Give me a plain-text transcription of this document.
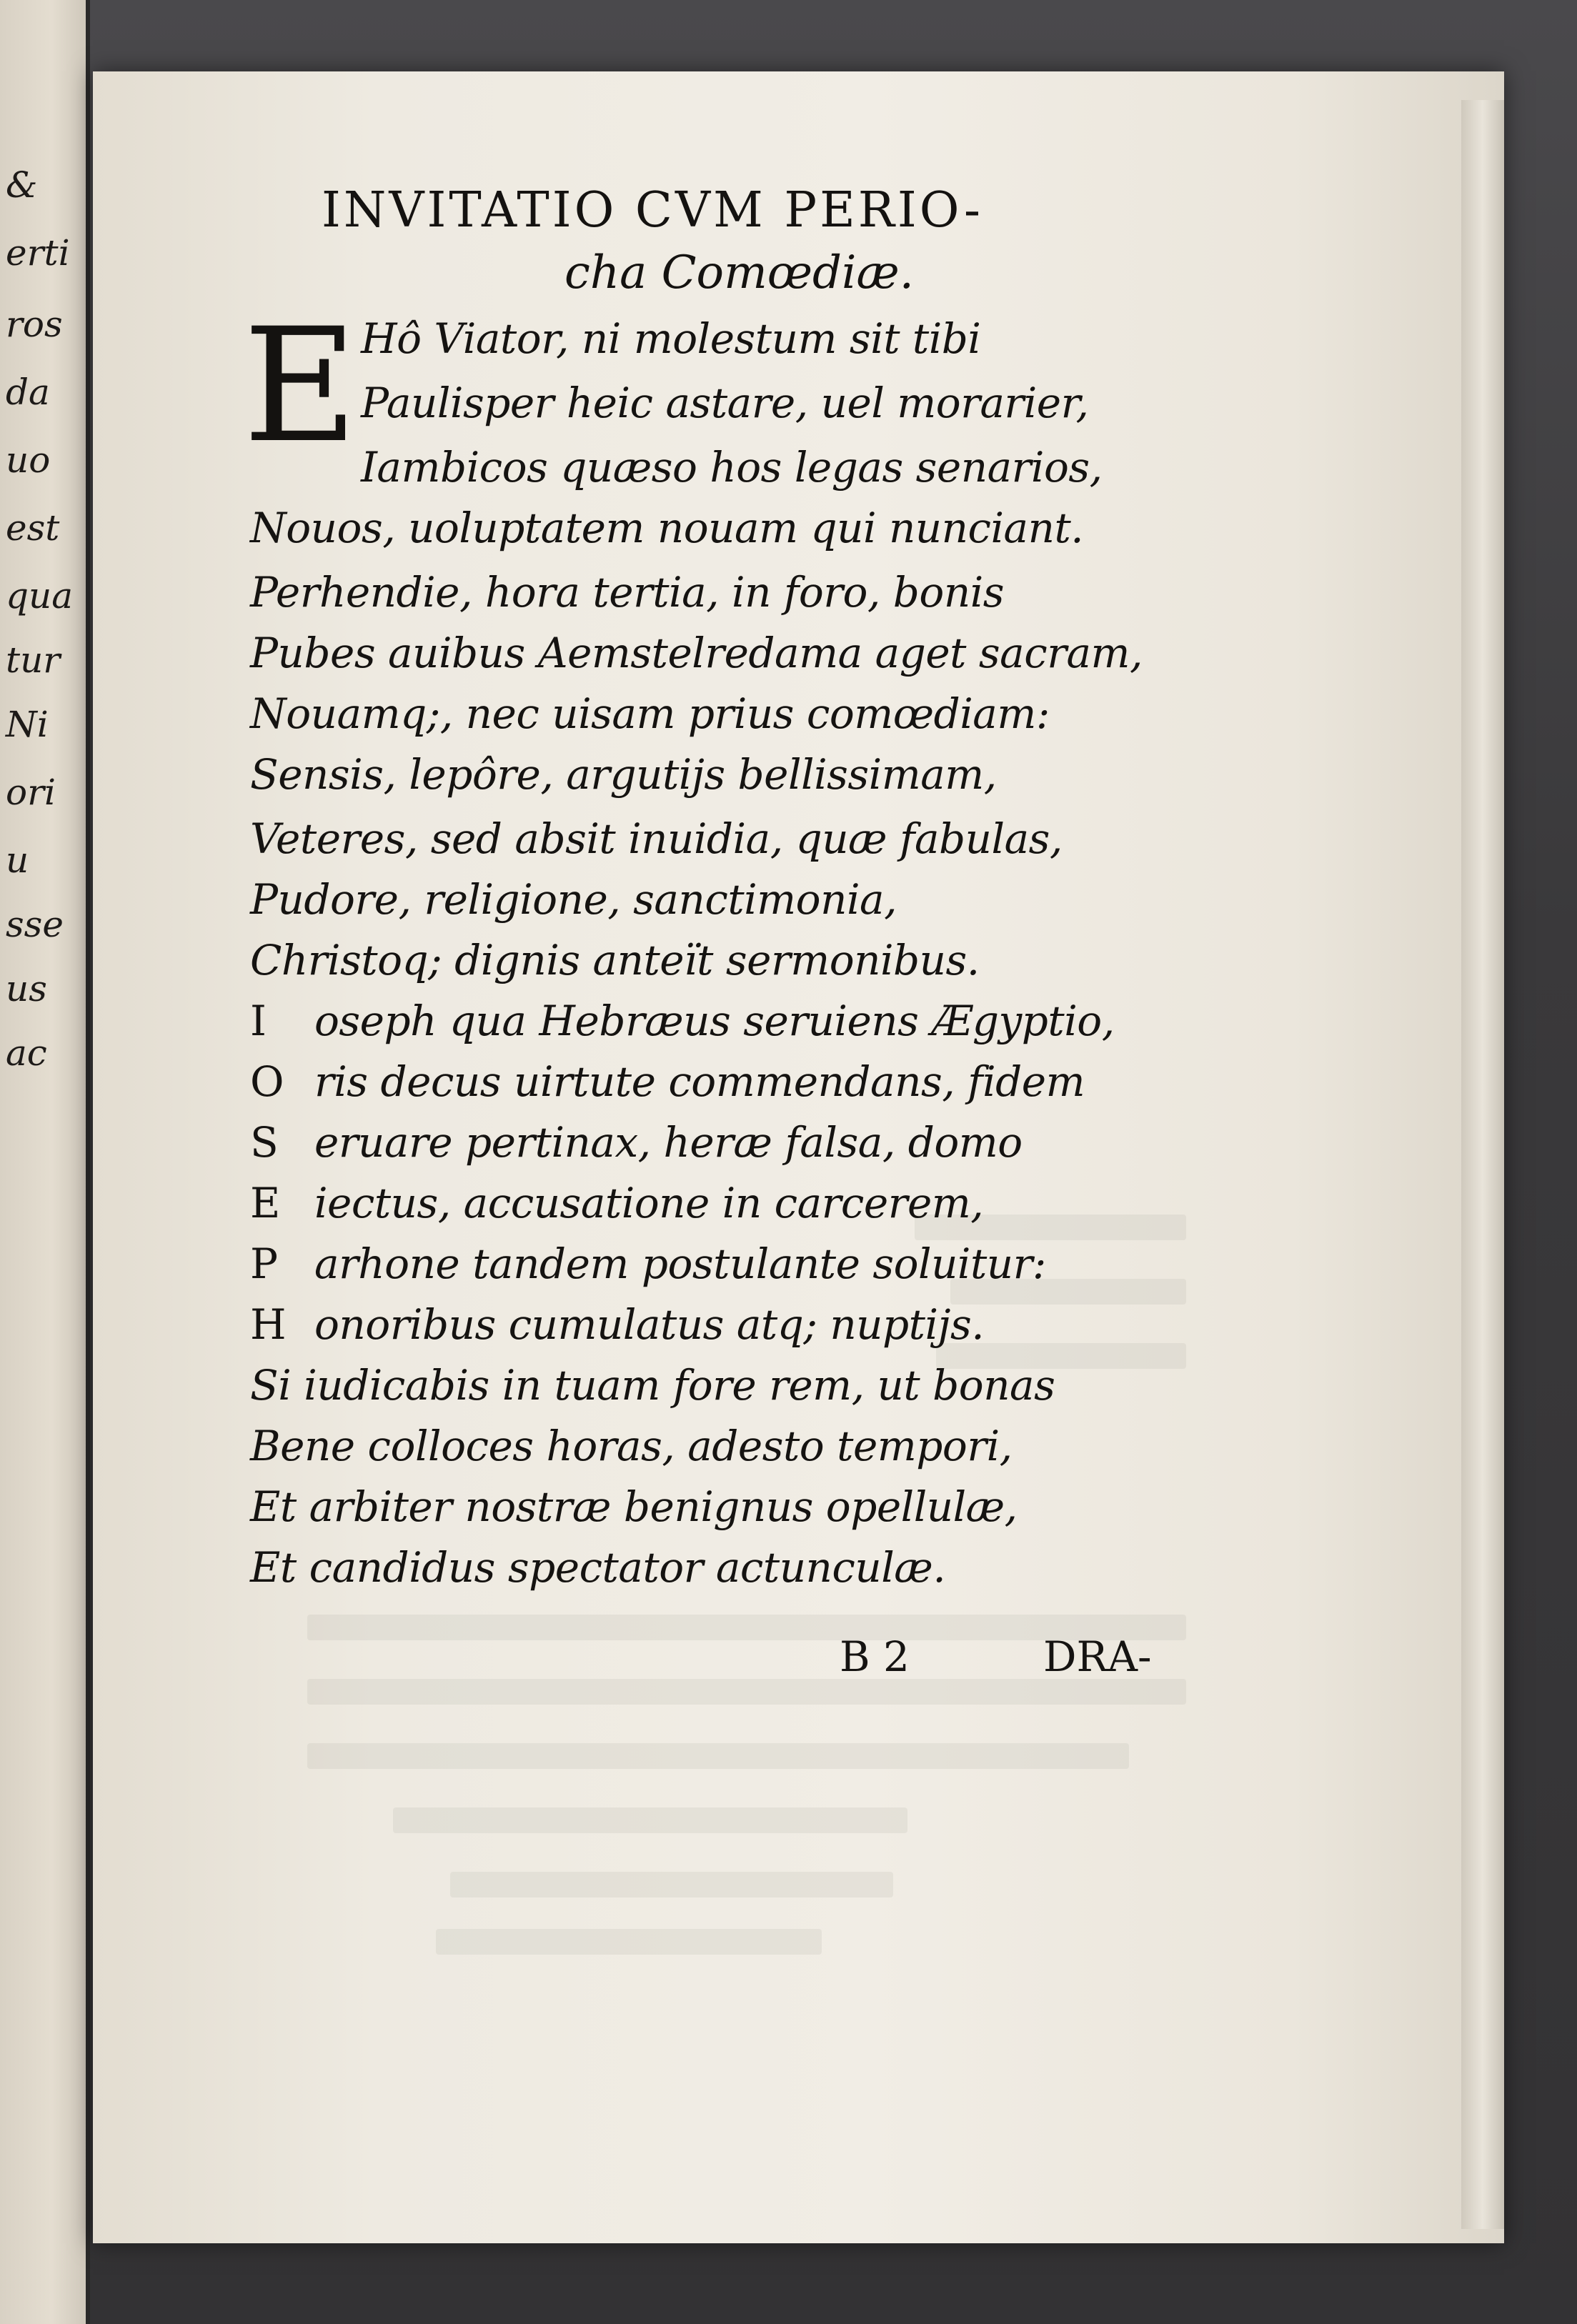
&
erti
ros
da
uo
est
qua
tur
Ni
ori
u
sse
us
ac
INVITATIO CVM PERIO-
cha Comœdiæ.
E Hô Viator, ni molestum sit tibi
Paulisper heic astare, uel morarier,
Iambicos quæso hos legas senarios,
Nouos, uoluptatem nouam qui nunciant.
Perhendie, hora tertia, in foro, bonis
Pubes auibus Aemstelredama aget sacram,
Nouamq;, nec uisam prius comœdiam:
Sensis, lepôre, argutijs bellissimam,
Veteres, sed absit inuidia, quæ fabulas,
Pudore, religione, sanctimonia,
Christoq; dignis anteït sermonibus.
I oseph qua Hebræus seruiens Ægyptio,
O ris decus uirtute commendans, fidem
S eruare pertinax, heræ falsa, domo
E iectus, accusatione in carcerem,
P arhone tandem postulante soluitur:
H onoribus cumulatus atq; nuptijs.
Si iudicabis in tuam fore rem, ut bonas
Bene colloces horas, adesto tempori,
Et arbiter nostræ benignus opellulæ,
Et candidus spectator actunculæ.
B 2	DRA-
